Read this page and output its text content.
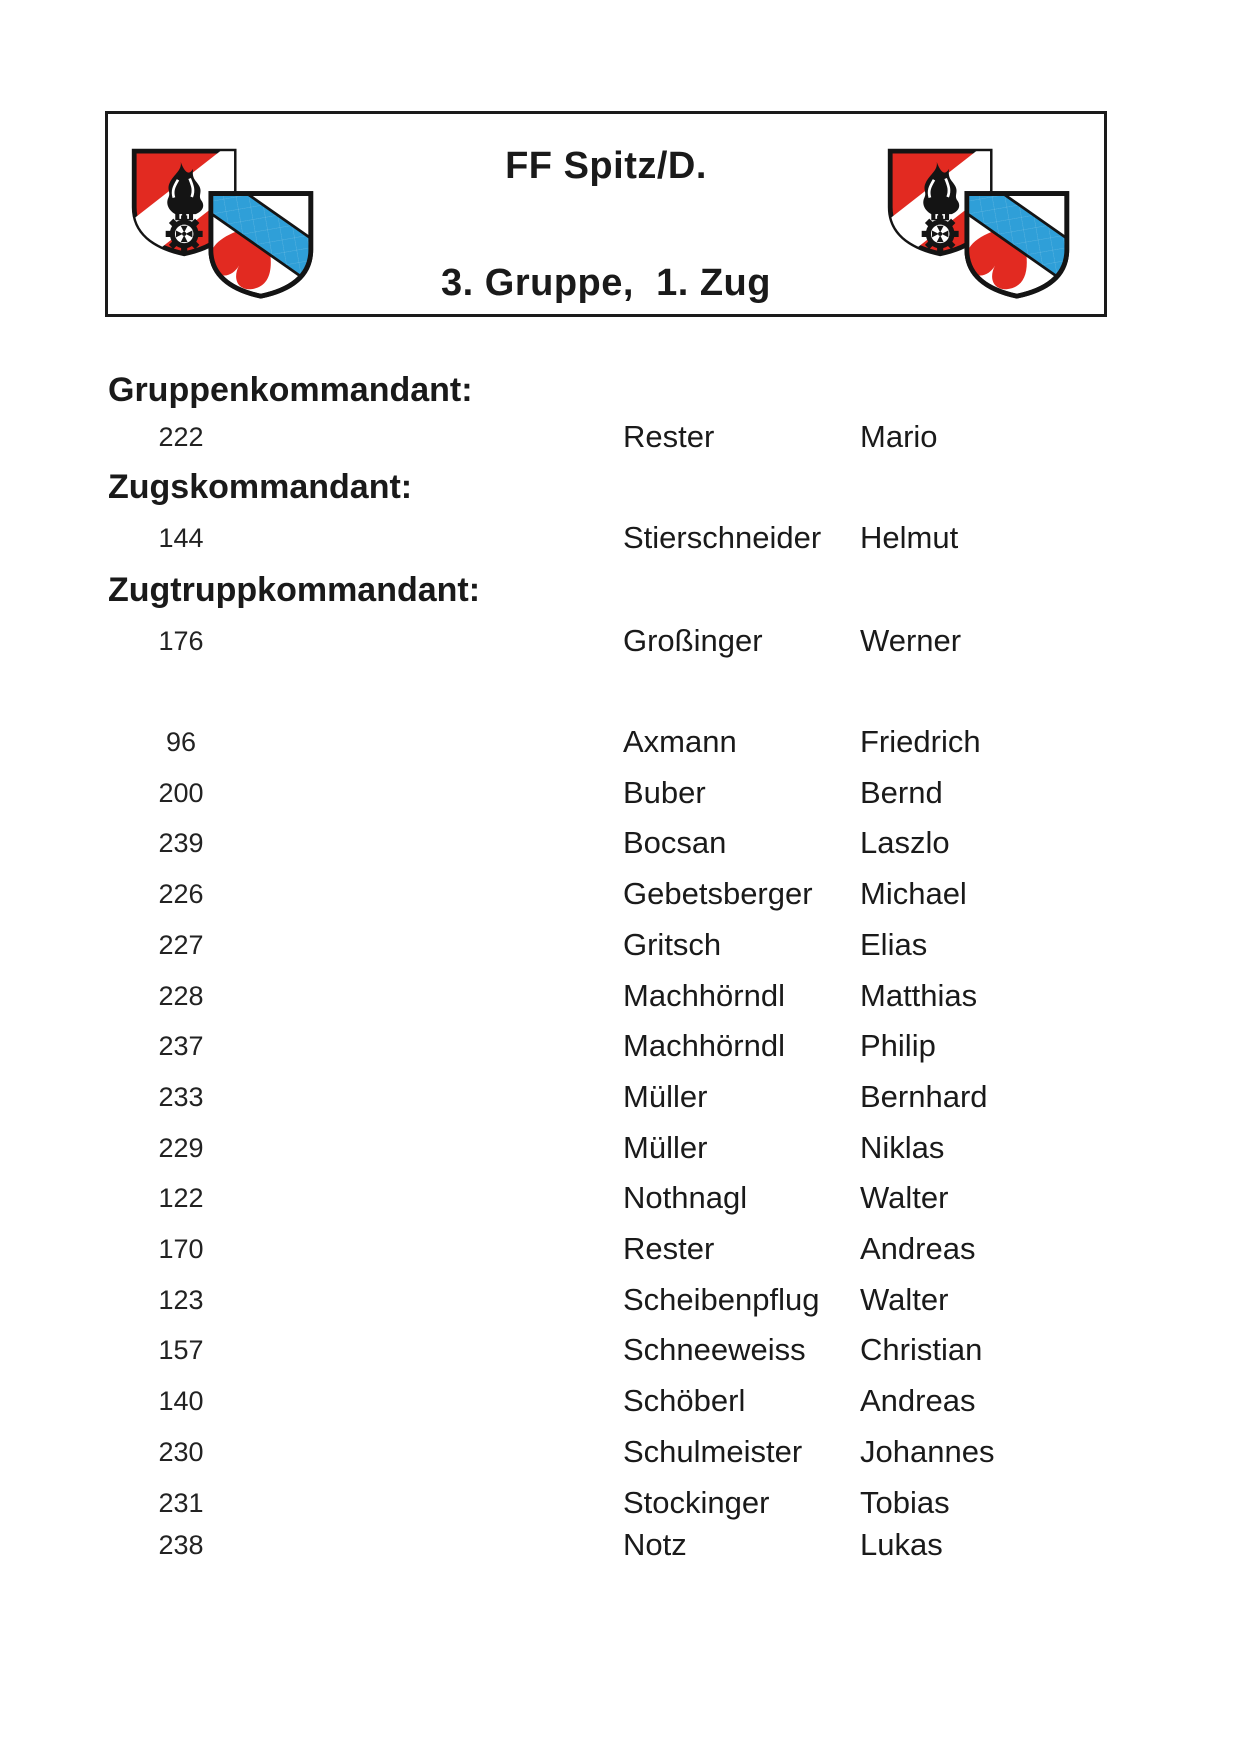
FF Spitz/D.
3. Gruppe,  1. Zug
Gruppenkommandant:
222	Rester	Mario
Zugskommandant:
144	Stierschneider Helmut
Zugtruppkommandant:
176	Großinger	Werner
96	Axmann	Friedrich
200	Buber	Bernd
239	Bocsan	Laszlo
226	Gebetsberger Michael
227	Gritsch	Elias
228	Machhörndl Matthias
237	Machhörndl Philip
233	Müller	Bernhard
229	Müller	Niklas
122	Nothnagl	Walter
170	Rester	Andreas
123	Scheibenpflug Walter
157	Schneeweiss Christian
140	Schöberl	Andreas
230	Schulmeister Johannes
231	Stockinger	Tobias
238	Notz	Lukas
